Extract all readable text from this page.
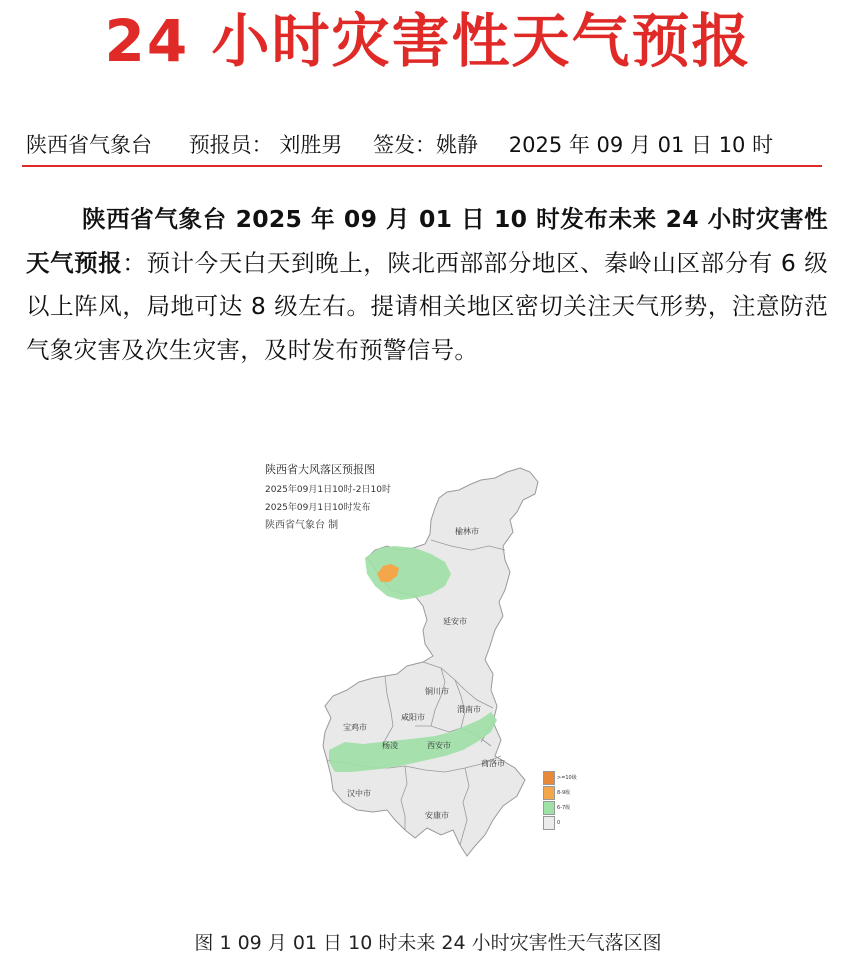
24 小时灾害性天气预报
陕西省气象台 预报员： 刘胜男 签发：姚静 2025 年 09 月 01 日 10 时
陕西省气象台 2025 年 09 月 01 日 10 时发布未来 24 小时灾害性天气预报：预计今天白天到晚上，陕北西部部分地区、秦岭山区部分有 6 级以上阵风，局地可达 8 级左右。提请相关地区密切关注天气形势，注意防范气象灾害及次生灾害，及时发布预警信号。
陕西省大风落区预报图
2025年09月1日10时-2日10时
2025年09月1日10时发布
陕西省气象台 制
榆林市
延安市
铜川市
渭南市
咸阳市
宝鸡市
杨凌	西安市
商洛市
汉中市
安康市
>=10级
8-9级
6-7级
0
图 1 09 月 01 日 10 时未来 24 小时灾害性天气落区图
